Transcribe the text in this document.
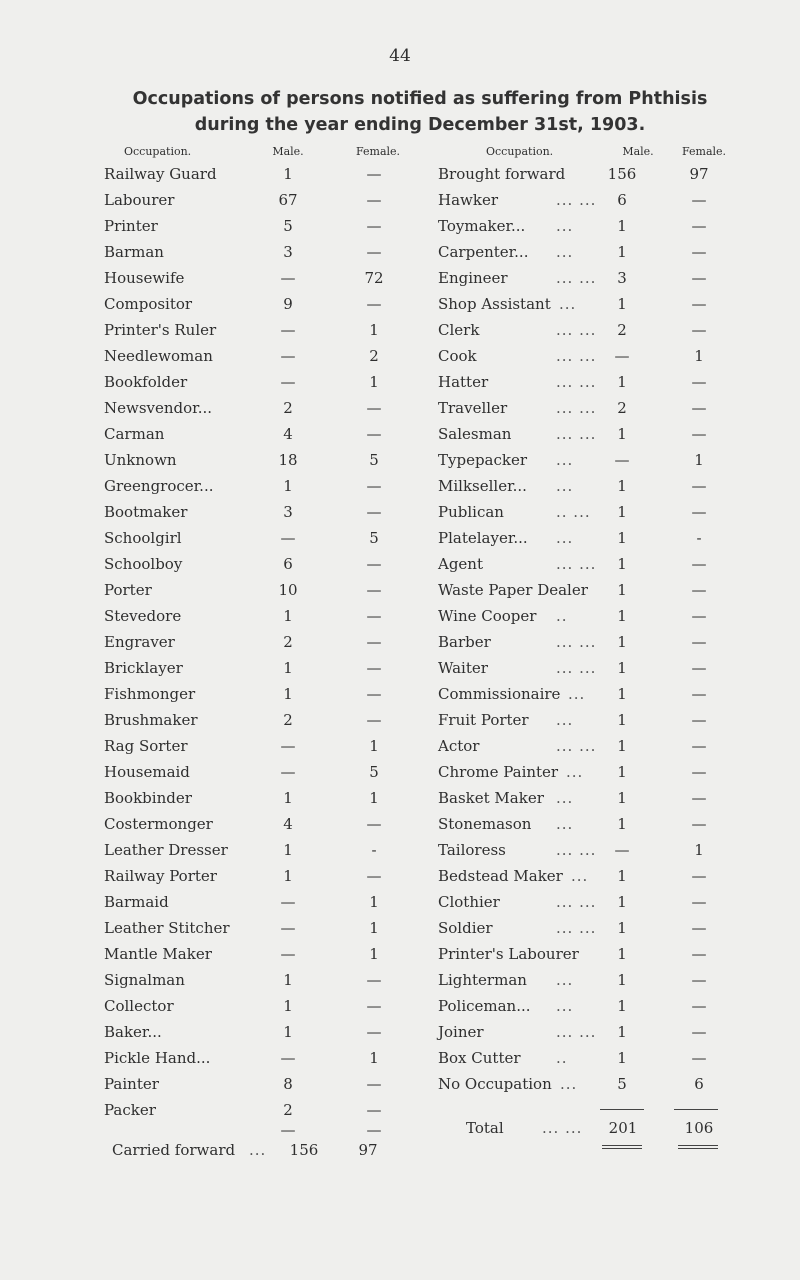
44
Occupations of persons notified as suffering from Phthisis
during the year ending December 31st, 1903.
Occupation.	Male.	Female.
Railway Guard	1	—
Labourer	67	—
Printer	5	—
Barman	3	—
Housewife	—	72
Compositor	9	—
Printer's Ruler	—	1
Needlewoman	—	2
Bookfolder	—	1
Newsvendor...	2	—
Carman	4	—
Unknown	18	5
Greengrocer...	1	—
Bootmaker	3	—
Schoolgirl	—	5
Schoolboy	6	—
Porter	10	—
Stevedore	1	—
Engraver	2	—
Bricklayer	1	—
Fishmonger	1	—
Brushmaker	2	—
Rag Sorter	—	1
Housemaid	—	5
Bookbinder	1	1
Costermonger	4	—
Leather Dresser	1	-
Railway Porter	1	—
Barmaid	—	1
Leather Stitcher	—	1
Mantle Maker	—	1
Signalman	1	—
Collector	1	—
Baker...	1	—
Pickle Hand...	—	1
Painter	8	—
Packer	2	—
—	—
Carried forward ...	156	97
Occupation.	Male.	Female.
Brought forward	156	97
Hawker	... ...	6	—
Toymaker... ...	1	—
Carpenter... ...	1	—
Engineer	... ...	3	—
Shop Assistant ...	1	—
Clerk	... ...	2	—
Cook	... ...	—	1
Hatter	... ...	1	—
Traveller	... ...	2	—
Salesman	... ...	1	—
Typepacker ...	—	1
Milkseller... ...	1	—
Publican	.. ...	1	—
Platelayer... ...	1	-
Agent	... ...	1	—
Waste Paper Dealer	1	—
Wine Cooper ..	1	—
Barber	... ...	1	—
Waiter	... ...	1	—
Commissionaire ...	1	—
Fruit Porter ...	1	—
Actor	... ...	1	—
Chrome Painter ...	1	—
Basket Maker ...	1	—
Stonemason ...	1	—
Tailoress	... ...	—	1
Bedstead Maker ...	1	—
Clothier	... ...	1	—
Soldier	... ...	1	—
Printer's Labourer	1	—
Lighterman ...	1	—
Policeman... ...	1	—
Joiner	... ...	1	—
Box Cutter ..	1	—
No Occupation ...	5	6
Total	... ...	201	106
